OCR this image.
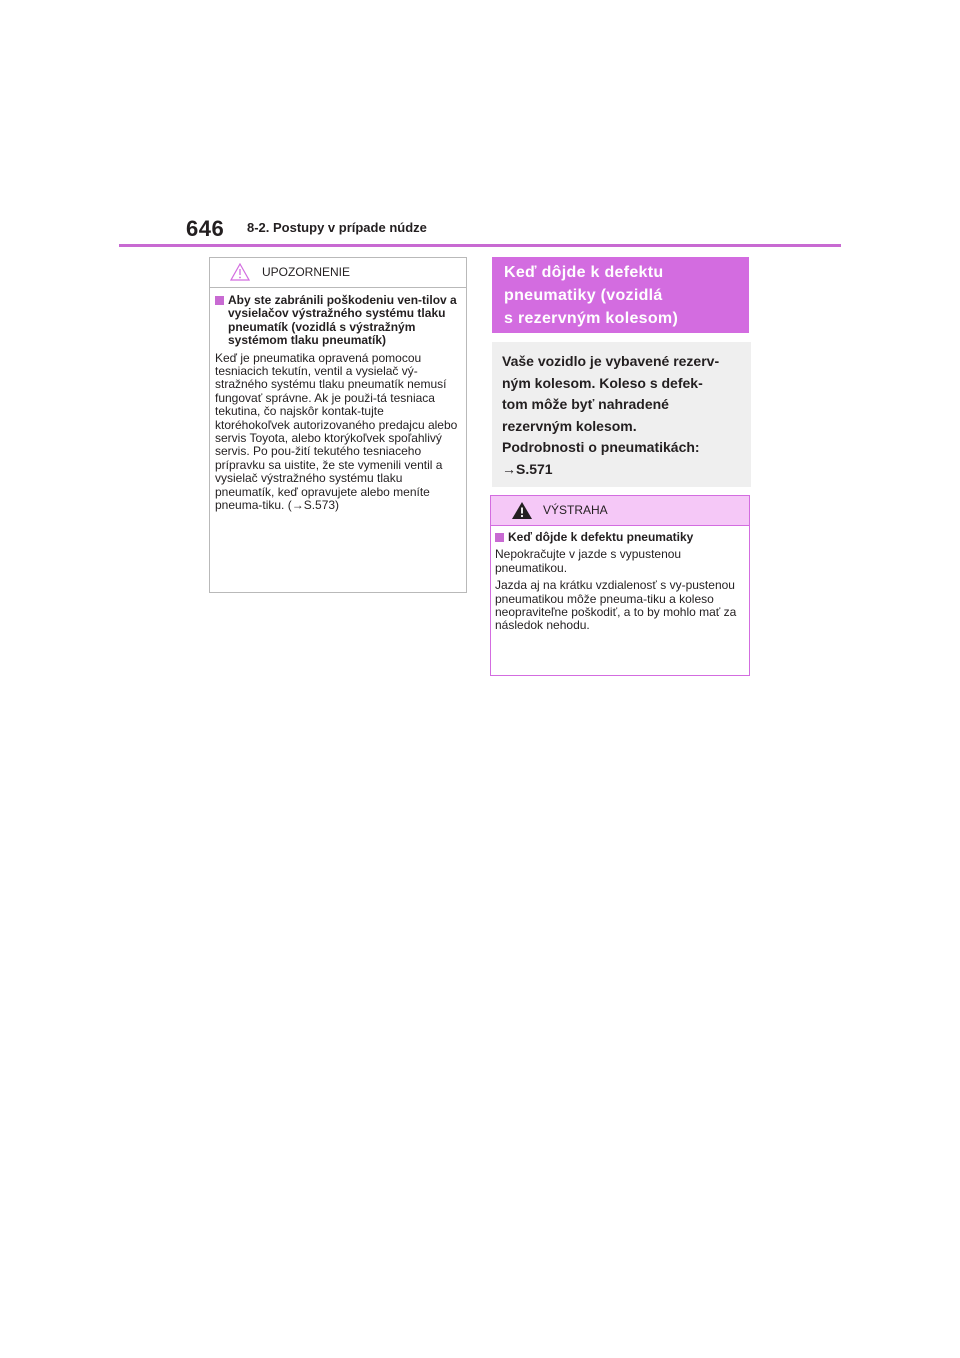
646 8-2. Postupy v prípade núdze
UPOZORNENIE
Aby ste zabránili poškodeniu ven-tilov a vysielačov výstražného systému tlaku pneumatík (vozidlá s výstražným systémom tlaku pneumatík)

Keď je pneumatika opravená pomocou tesniacich tekutín, ventil a vysielač vý-stražného systému tlaku pneumatík nemusí fungovať správne. Ak je použi-tá tesniaca tekutina, čo najskôr kontak-tujte ktoréhokoľvek autorizovaného predajcu alebo servis Toyota, alebo ktorýkoľvek spoľahlivý servis. Po pou-žití tekutého tesniaceho prípravku sa uistite, že ste vymenili ventil a vysielač výstražného systému tlaku pneumatík, keď opravujete alebo meníte pneuma-tiku. (→S.573)

Keď dôjde k defektu
pneumatiky (vozidlá
s rezervným kolesom)
Vaše vozidlo je vybavené rezerv-
ným kolesom. Koleso s defek-
tom môže byť nahradené
rezervným kolesom.
Podrobnosti o pneumatikách:
→S.571
VÝSTRAHA
Keď dôjde k defektu pneumatiky

Nepokračujte v jazde s vypustenou pneumatikou.

Jazda aj na krátku vzdialenosť s vy-pustenou pneumatikou môže pneuma-tiku a koleso neopraviteľne poškodiť, a to by mohlo mať za následok nehodu.
